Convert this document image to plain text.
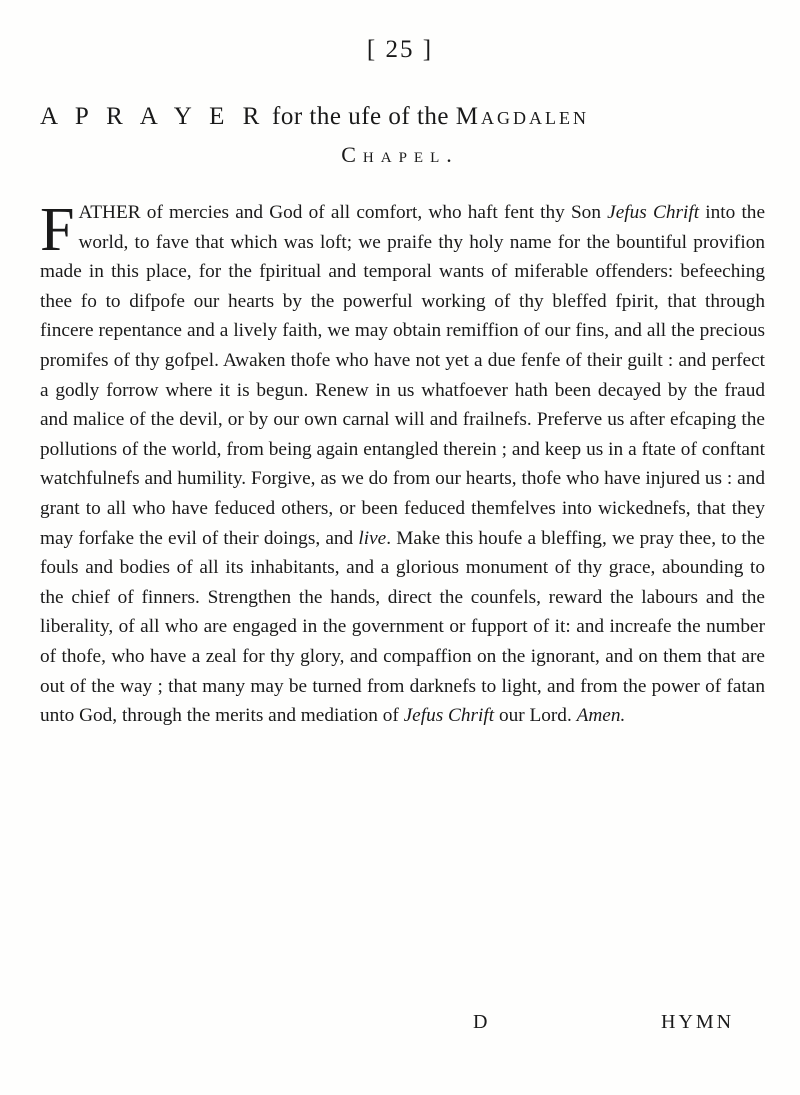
[ 25 ]
A P R A Y E R for the ufe of the Magdalen
Chapel.

FATHER of mercies and God of all comfort, who haft fent thy Son Jefus Chrift into the world, to fave that which was loft; we praife thy holy name for the bountiful provifion made in this place, for the fpiritual and temporal wants of miferable offenders: befeeching thee fo to difpofe our hearts by the powerful working of thy bleffed fpirit, that through fincere repentance and a lively faith, we may obtain remiffion of our fins, and all the precious promifes of thy gofpel. Awaken thofe who have not yet a due fenfe of their guilt : and perfect a godly forrow where it is begun. Renew in us whatfoever hath been decayed by the fraud and malice of the devil, or by our own carnal will and frailnefs. Preferve us after efcaping the pollutions of the world, from being again entangled therein ; and keep us in a ftate of conftant watchfulnefs and humility. Forgive, as we do from our hearts, thofe who have injured us : and grant to all who have feduced others, or been feduced themfelves into wickednefs, that they may forfake the evil of their doings, and live. Make this houfe a bleffing, we pray thee, to the fouls and bodies of all its inhabitants, and a glorious monument of thy grace, abounding to the chief of finners. Strengthen the hands, direct the counfels, reward the labours and the liberality, of all who are engaged in the government or fupport of it: and increafe the number of thofe, who have a zeal for thy glory, and compaffion on the ignorant, and on them that are out of the way ; that many may be turned from darknefs to light, and from the power of fatan unto God, through the merits and mediation of Jefus Chrift our Lord. Amen.

D	HYMN
